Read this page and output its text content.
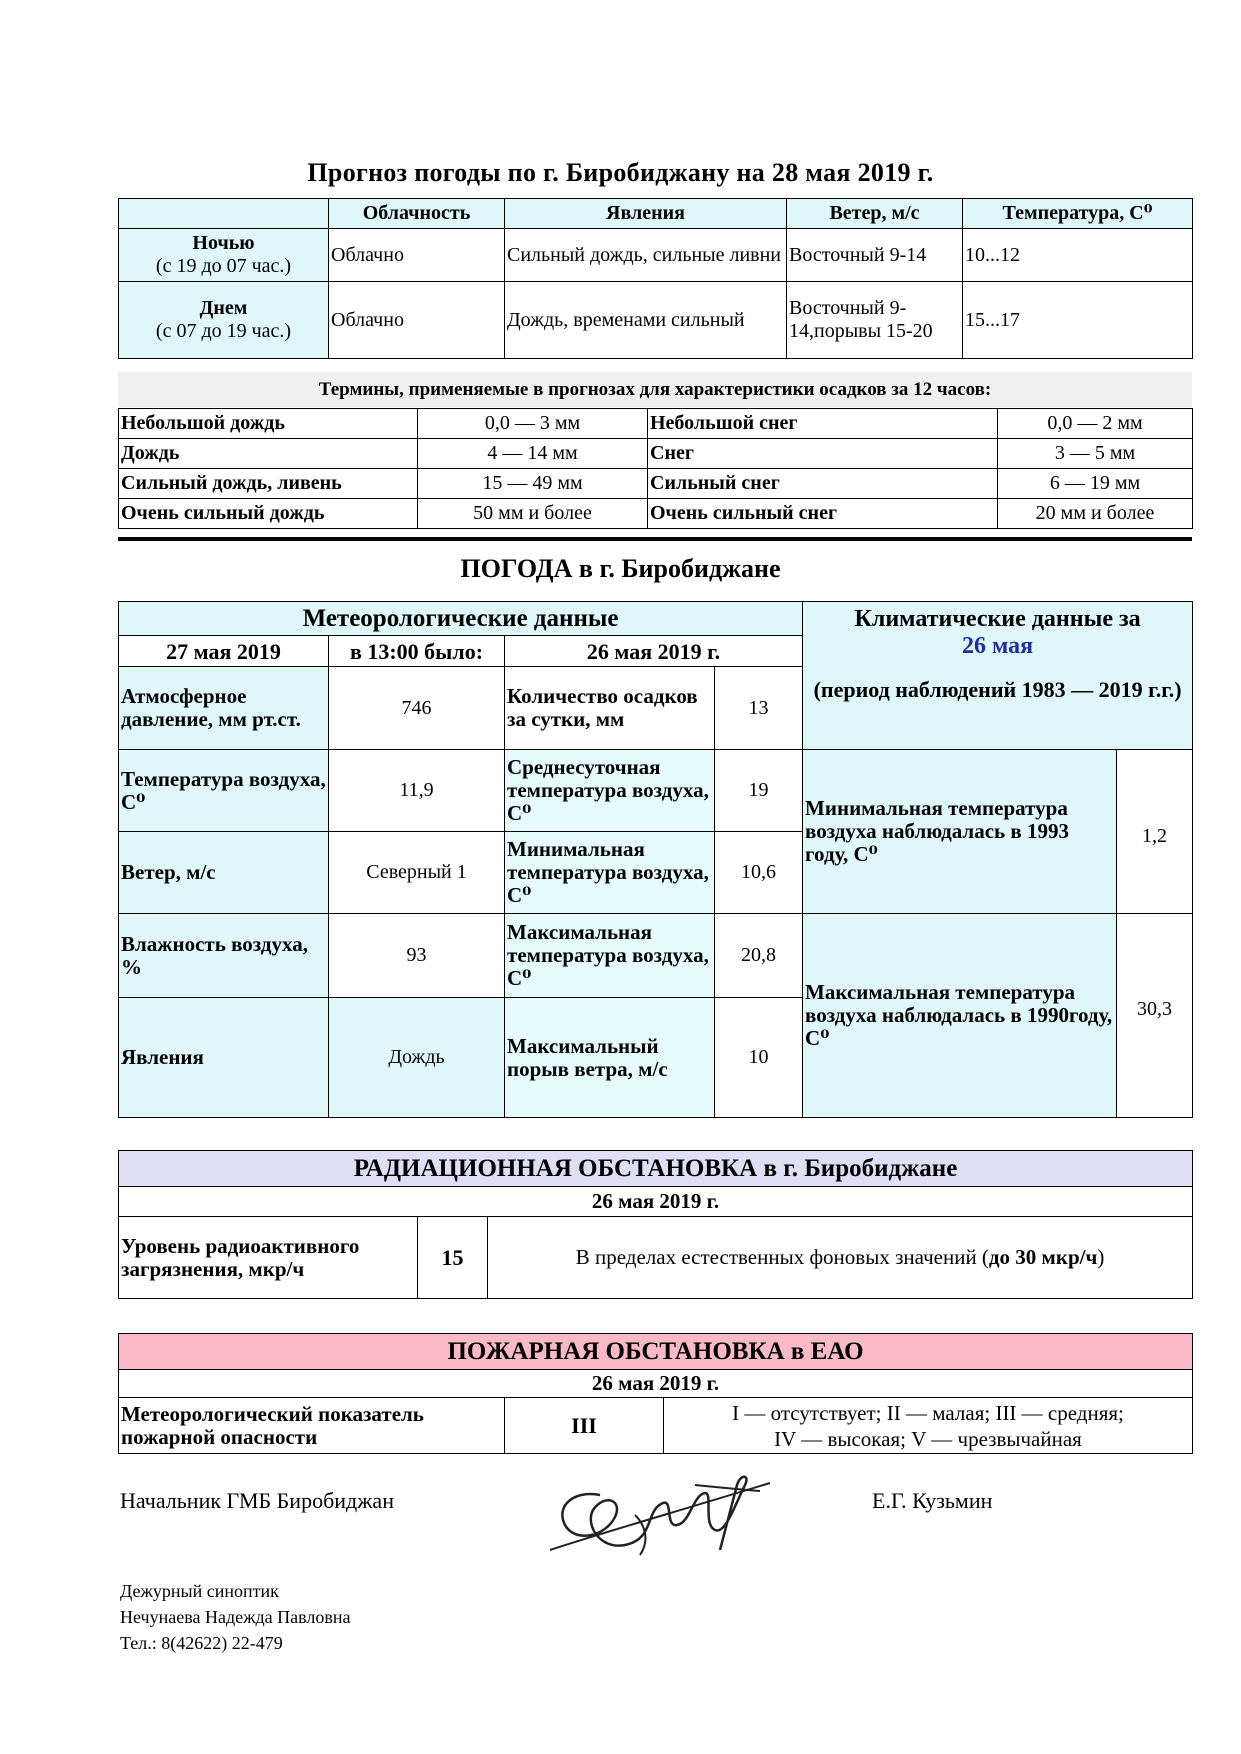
Прогноз погоды по г. Биробиджану на 28 мая 2019 г.
	Облачность	Явления	Ветер, м/с	Температура, С⁰
Ночью
(с 19 до 07 час.)	Облачно	Сильный дождь, сильные ливни	Восточный 9-14	10...12
Днем
(с 07 до 19 час.)	Облачно	Дождь, временами сильный	Восточный 9-14,порывы 15-20	15...17
Термины, применяемые в прогнозах для характеристики осадков за 12 часов:
Небольшой дождь	0,0 — 3 мм	Небольшой снег	0,0 — 2 мм
Дождь	4 — 14 мм	Снег	3 — 5 мм
Сильный дождь, ливень	15 — 49 мм	Сильный снег	6 — 19 мм
Очень сильный дождь	50 мм и более	Очень сильный снег	20 мм и более
ПОГОДА в г. Биробиджане
Метеорологические данные				Климатические данные за
26 мая
(период наблюдений 1983 — 2019 г.г.)	

27 мая 2019	в 13:00 было:	26 мая 2019 г.			
Атмосферное давление, мм рт.ст.	746	Количество осадков за сутки, мм	13		
Температура воздуха, С⁰	11,9	Среднесуточная температура воздуха, С⁰	19	Минимальная температура воздуха наблюдалась в 1993 году, С⁰	1,2
Ветер, м/с	Северный 1	Минимальная температура воздуха, С⁰	10,6		
Влажность воздуха, %	93	Максимальная температура воздуха, С⁰	20,8	Максимальная температура воздуха наблюдалась в 1990году, С⁰	30,3
Явления	Дождь	Максимальный порыв ветра, м/с	10		
РАДИАЦИОННАЯ ОБСТАНОВКА в г. Биробиджане
26 мая 2019 г.
Уровень радиоактивного загрязнения, мкр/ч	15	В пределах естественных фоновых значений (до 30 мкр/ч)
ПОЖАРНАЯ ОБСТАНОВКА в ЕАО
26 мая 2019 г.
Метеорологический показатель пожарной опасности	III	I — отсутствует; II — малая; III — средняя;
IV — высокая; V — чрезвычайная
Начальник ГМБ Биробиджан	Е.Г. Кузьмин
Дежурный синоптик
Нечунаева Надежда Павловна
Тел.: 8(42622) 22-479
